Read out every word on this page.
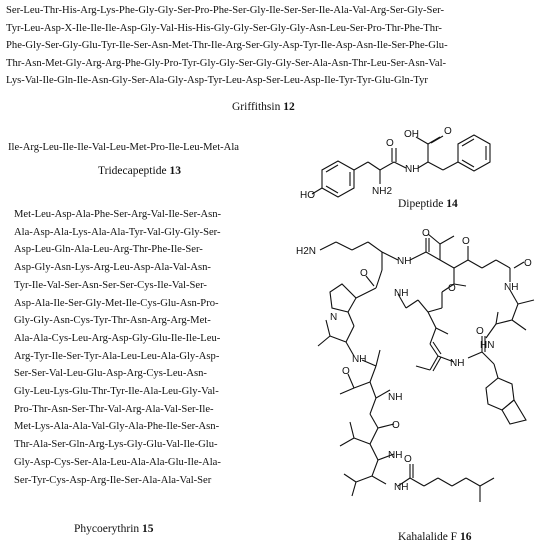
Ser-Leu-Thr-His-Arg-Lys-Phe-Gly-Gly-Ser-Pro-Phe-Ser-Gly-Ile-Ser-Ser-Ile-Ala-Val-Arg-Ser-Gly-Ser-
Tyr-Leu-Asp-X-Ile-Ile-Ile-Asp-Gly-Val-His-His-Gly-Gly-Ser-Gly-Gly-Asn-Leu-Ser-Pro-Thr-Phe-Thr-
Phe-Gly-Ser-Gly-Glu-Tyr-Ile-Ser-Asn-Met-Thr-Ile-Arg-Ser-Gly-Asp-Tyr-Ile-Asp-Asn-Ile-Ser-Phe-Glu-
Thr-Asn-Met-Gly-Arg-Arg-Phe-Gly-Pro-Tyr-Gly-Gly-Ser-Gly-Gly-Ser-Ala-Asn-Thr-Leu-Ser-Asn-Val-
Lys-Val-Ile-Gln-Ile-Asn-Gly-Ser-Ala-Gly-Asp-Tyr-Leu-Asp-Ser-Leu-Asp-Ile-Tyr-Tyr-Glu-Gln-Tyr
Griffithsin 12
Ile-Arg-Leu-Ile-Ile-Val-Leu-Met-Pro-Ile-Leu-Met-Ala
Tridecapeptide 13
HO
O
NH
NH2
OH	O
Dipeptide 14
Met-Leu-Asp-Ala-Phe-Ser-Arg-Val-Ile-Ser-Asn-
Ala-Asp-Ala-Lys-Ala-Ala-Tyr-Val-Gly-Gly-Ser-
Asp-Leu-Gln-Ala-Leu-Arg-Thr-Phe-Ile-Ser-
Asp-Gly-Asn-Lys-Arg-Leu-Asp-Ala-Val-Asn-
Tyr-Ile-Val-Ser-Asn-Ser-Ser-Cys-Ile-Val-Ser-
Asp-Ala-Ile-Ser-Gly-Met-Ile-Cys-Glu-Asn-Pro-
Gly-Gly-Asn-Cys-Tyr-Thr-Asn-Arg-Arg-Met-
Ala-Ala-Cys-Leu-Arg-Asp-Gly-Glu-Ile-Ile-Leu-
Arg-Tyr-Ile-Ser-Tyr-Ala-Leu-Leu-Ala-Gly-Asp-
Ser-Ser-Val-Leu-Glu-Asp-Arg-Cys-Leu-Asn-
Gly-Leu-Lys-Glu-Thr-Tyr-Ile-Ala-Leu-Gly-Val-
Pro-Thr-Asn-Ser-Thr-Val-Arg-Ala-Val-Ser-Ile-
Met-Lys-Ala-Ala-Val-Gly-Ala-Phe-Ile-Ser-Asn-
Thr-Ala-Ser-Gln-Arg-Lys-Gly-Glu-Val-Ile-Glu-
Gly-Asp-Cys-Ser-Ala-Leu-Ala-Ala-Glu-Ile-Ala-
Ser-Tyr-Cys-Asp-Arg-Ile-Ser-Ala-Ala-Val-Ser
Phycoerythrin 15
H2N
NH
O
O
O	NH
O
O
NH
HN
NH
N
O
NH
O
NH
O
NH
NH
O
Kahalalide F 16
